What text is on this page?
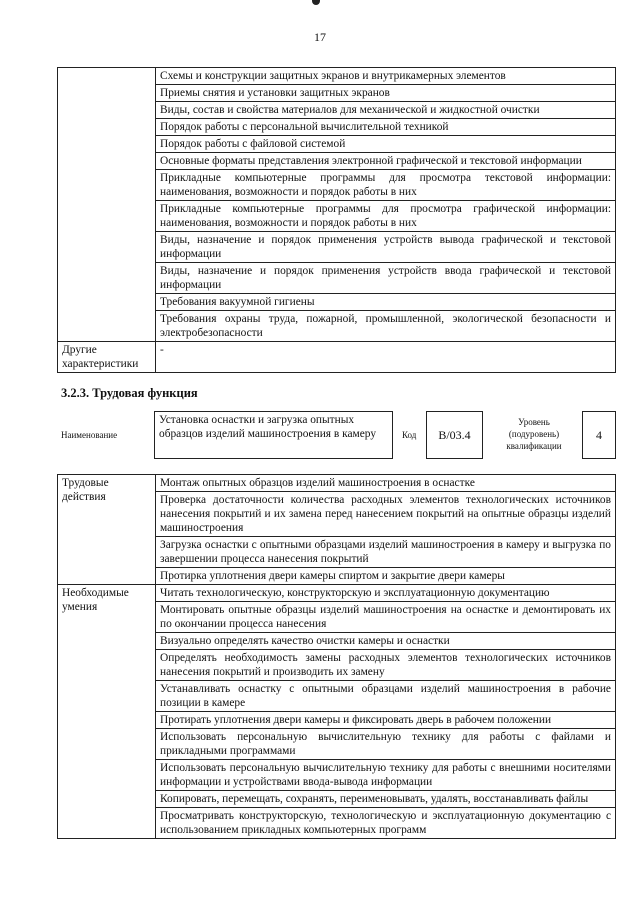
17
	Схемы и конструкции защитных экранов и внутрикамерных элементов
	Приемы снятия и установки защитных экранов
	Виды, состав и свойства материалов для механической и жидкостной очистки
	Порядок работы с персональной вычислительной техникой
	Порядок работы с файловой системой
	Основные форматы представления электронной графической и текстовой информации
	Прикладные компьютерные программы для просмотра текстовой информации: наименования, возможности и порядок работы в них
	Прикладные компьютерные программы для просмотра графической информации: наименования, возможности и порядок работы в них
	Виды, назначение и порядок применения устройств вывода графической и текстовой информации
	Виды, назначение и порядок применения устройств ввода графической и текстовой информации
	Требования вакуумной гигиены
	Требования охраны труда, пожарной, промышленной, экологической безопасности и электробезопасности
Другие характеристики	-
3.2.3. Трудовая функция
Наименование
Установка оснастки и загрузка опытных образцов изделий машиностроения в камеру	Код	В/03.4
Уровень (подуровень) квалификации
4
Трудовые действия	Монтаж опытных образцов изделий машиностроения в оснастке
	Проверка достаточности количества расходных элементов технологических источников нанесения покрытий и их замена перед нанесением покрытий на опытные образцы изделий машиностроения
	Загрузка оснастки с опытными образцами изделий машиностроения в камеру и выгрузка по завершении процесса нанесения покрытий
	Протирка уплотнения двери камеры спиртом и закрытие двери камеры
Необходимые умения	Читать технологическую, конструкторскую и эксплуатационную документацию
	Монтировать опытные образцы изделий машиностроения на оснастке и демонтировать их по окончании процесса нанесения
	Визуально определять качество очистки камеры и оснастки
	Определять необходимость замены расходных элементов технологических источников нанесения покрытий и производить их замену
	Устанавливать оснастку с опытными образцами изделий машиностроения в рабочие позиции в камере
	Протирать уплотнения двери камеры и фиксировать дверь в рабочем положении
	Использовать персональную вычислительную технику для работы с файлами и прикладными программами
	Использовать персональную вычислительную технику для работы с внешними носителями информации и устройствами ввода-вывода информации
	Копировать, перемещать, сохранять, переименовывать, удалять, восстанавливать файлы
	Просматривать конструкторскую, технологическую и эксплуатационную документацию с использованием прикладных компьютерных программ
